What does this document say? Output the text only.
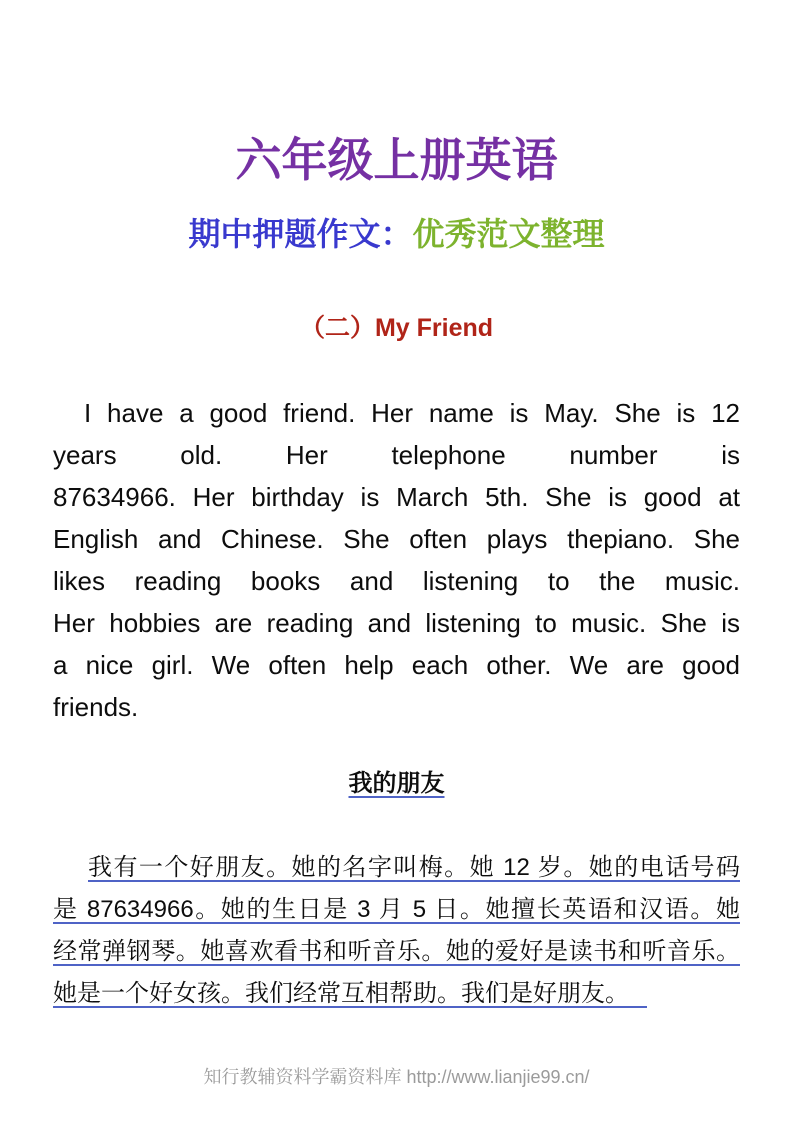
六年级上册英语
期中押题作文：优秀范文整理
（二）My Friend
I have a good friend. Her name is May. She is 12
years old. Her telephone number is
87634966. Her birthday is March 5th. She is good at
English and Chinese. She often plays thepiano. She
likes reading books and listening to the music.
Her hobbies are reading and listening to music. She is
a nice girl. We often help each other. We are good
friends.
我的朋友
我有一个好朋友。她的名字叫梅。她 12 岁。她的电话号码
是 87634966。她的生日是 3 月 5 日。她擅长英语和汉语。她
经常弹钢琴。她喜欢看书和听音乐。她的爱好是读书和听音乐。
她是一个好女孩。我们经常互相帮助。我们是好朋友。
知行教辅资料学霸资料库 http://www.lianjie99.cn/
